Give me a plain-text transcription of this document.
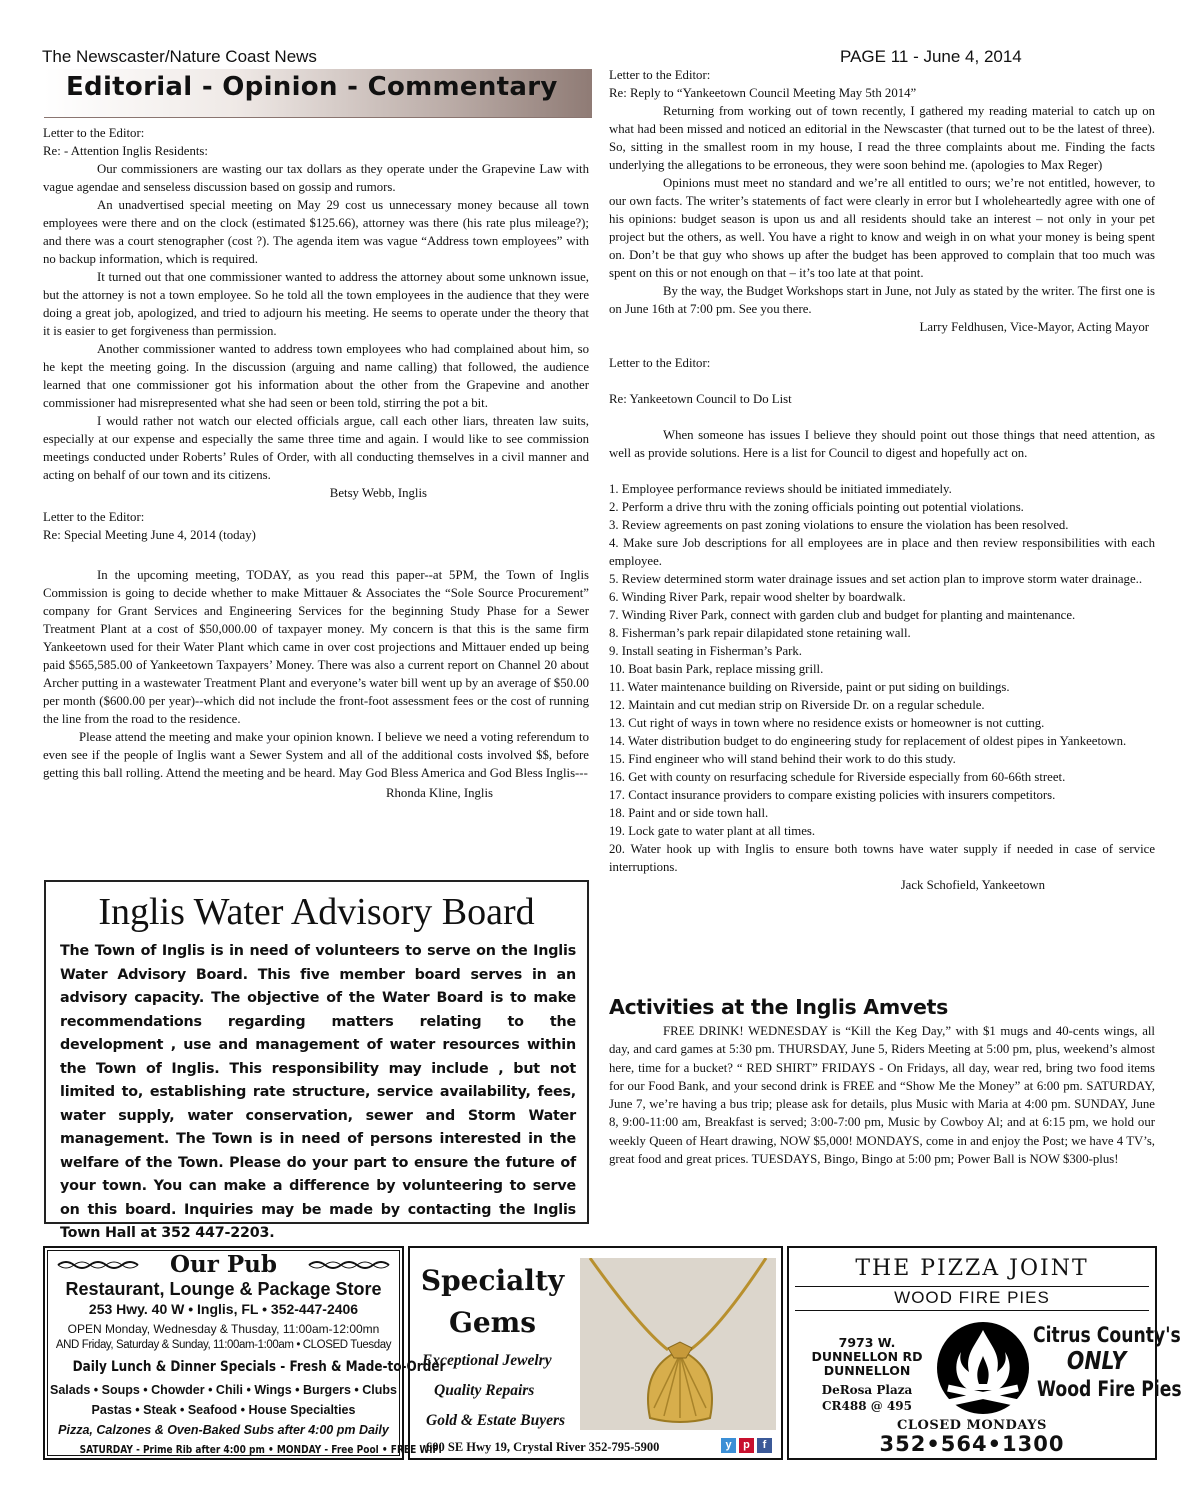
The Newscaster/Nature Coast News	PAGE 11 - June 4, 2014
Editorial - Opinion - Commentary

Letter to the Editor:

Re: - Attention Inglis Residents:

Our commissioners are wasting our tax dollars as they operate under the Grapevine Law with vague agendae and senseless discussion based on gossip and rumors.

An unadvertised special meeting on May 29 cost us unnecessary money because all town employees were there and on the clock (estimated $125.66), attorney was there (his rate plus mileage?); and there was a court stenographer (cost ?). The agenda item was vague “Address town employees” with no backup information, which is required.

It turned out that one commissioner wanted to address the attorney about some unknown issue, but the attorney is not a town employee. So he told all the town employees in the audience that they were doing a great job, apologized, and tried to adjourn his meeting. He seems to operate under the theory that it is easier to get forgiveness than permission.

Another commissioner wanted to address town employees who had complained about him, so he kept the meeting going. In the discussion (arguing and name calling) that followed, the audience learned that one commissioner got his information about the other from the Grapevine and another commissioner had misrepresented what she had seen or been told, stirring the pot a bit.

I would rather not watch our elected officials argue, call each other liars, threaten law suits, especially at our expense and especially the same three time and again. I would like to see commission meetings conducted under Roberts’ Rules of Order, with all conducting themselves in a civil manner and acting on behalf of our town and its citizens.

Betsy Webb, Inglis

Letter to the Editor:

Re: Special Meeting June 4, 2014 (today)

In the upcoming meeting, TODAY, as you read this paper--at 5PM, the Town of Inglis Commission is going to decide whether to make Mittauer & Associates the “Sole Source Procurement” company for Grant Services and Engineering Services for the beginning Study Phase for a Sewer Treatment Plant at a cost of $50,000.00 of taxpayer money. My concern is that this is the same firm Yankeetown used for their Water Plant which came in over cost projections and Mittauer ended up being paid $565,585.00 of Yankeetown Taxpayers’ Money. There was also a current report on Channel 20 about Archer putting in a wastewater Treatment Plant and everyone’s water bill went up by an average of $50.00 per month ($600.00 per year)--which did not include the front-foot assessment fees or the cost of running the line from the road to the residence.

Please attend the meeting and make your opinion known. I believe we need a voting referendum to even see if the people of Inglis want a Sewer System and all of the additional costs involved $$, before getting this ball rolling. Attend the meeting and be heard. May God Bless America and God Bless Inglis---

Rhonda Kline, Inglis

Inglis Water Advisory Board
The Town of Inglis is in need of volunteers to serve on the Inglis Water Advisory Board. This five member board serves in an advisory capacity. The objective of the Water Board is to make recommendations regarding matters relating to the development , use and management of water resources within the Town of Inglis. This responsibility may include , but not limited to, establishing rate structure, service availability, fees, water supply, water conservation, sewer and Storm Water management. The Town is in need of persons interested in the welfare of the Town. Please do your part to ensure the future of your town. You can make a difference by volunteering to serve on this board. Inquiries may be made by contacting the Inglis Town Hall at 352 447-2203.

Letter to the Editor:

Re: Reply to “Yankeetown Council Meeting May 5th 2014”

Returning from working out of town recently, I gathered my reading material to catch up on what had been missed and noticed an editorial in the Newscaster (that turned out to be the latest of three). So, sitting in the smallest room in my house, I read the three complaints about me. Finding the facts underlying the allegations to be erroneous, they were soon behind me. (apologies to Max Reger)

Opinions must meet no standard and we’re all entitled to ours; we’re not entitled, however, to our own facts. The writer’s statements of fact were clearly in error but I wholeheartedly agree with one of his opinions: budget season is upon us and all residents should take an interest – not only in your pet project but the others, as well. You have a right to know and weigh in on what your money is being spent on. Don’t be that guy who shows up after the budget has been approved to complain that too much was spent on this or not enough on that – it’s too late at that point.

By the way, the Budget Workshops start in June, not July as stated by the writer. The first one is on June 16th at 7:00 pm. See you there.

Larry Feldhusen, Vice-Mayor, Acting Mayor

Letter to the Editor:

Re: Yankeetown Council to Do List

When someone has issues I believe they should point out those things that need attention, as well as provide solutions. Here is a list for Council to digest and hopefully act on.

1. Employee performance reviews should be initiated immediately.
2. Perform a drive thru with the zoning officials pointing out potential violations.
3. Review agreements on past zoning violations to ensure the violation has been resolved.
4. Make sure Job descriptions for all employees are in place and then review responsibilities with each employee.
5. Review determined storm water drainage issues and set action plan to improve storm water drainage..
6. Winding River Park, repair wood shelter by boardwalk.
7. Winding River Park, connect with garden club and budget for planting and maintenance.
8. Fisherman’s park repair dilapidated stone retaining wall.
9. Install seating in Fisherman’s Park.
10. Boat basin Park, replace missing grill.
11. Water maintenance building on Riverside, paint or put siding on buildings.
12. Maintain and cut median strip on Riverside Dr. on a regular schedule.
13. Cut right of ways in town where no residence exists or homeowner is not cutting.
14. Water distribution budget to do engineering study for replacement of oldest pipes in Yankeetown.
15. Find engineer who will stand behind their work to do this study.
16. Get with county on resurfacing schedule for Riverside especially from 60-66th street.
17. Contact insurance providers to compare existing policies with insurers competitors.
18. Paint and or side town hall.
19. Lock gate to water plant at all times.
20. Water hook up with Inglis to ensure both towns have water supply if needed in case of service interruptions.

Jack Schofield, Yankeetown

Activities at the Inglis Amvets

FREE DRINK! WEDNESDAY is “Kill the Keg Day,” with $1 mugs and 40-cents wings, all day, and card games at 5:30 pm. THURSDAY, June 5, Riders Meeting at 5:00 pm, plus, weekend’s almost here, time for a bucket? “ RED SHIRT” FRIDAYS - On Fridays, all day, wear red, bring two food items for our Food Bank, and your second drink is FREE and “Show Me the Money” at 6:00 pm. SATURDAY, June 7, we’re having a bus trip; please ask for details, plus Music with Maria at 4:00 pm. SUNDAY, June 8, 9:00-11:00 am, Breakfast is served; 3:00-7:00 pm, Music by Cowboy Al; and at 6:15 pm, we hold our weekly Queen of Heart drawing, NOW $5,000! MONDAYS, come in and enjoy the Post; we have 4 TV’s, great food and great prices. TUESDAYS, Bingo, Bingo at 5:00 pm; Power Ball is NOW $300-plus!

Our Pub
Restaurant, Lounge & Package Store
253 Hwy. 40 W • Inglis, FL • 352-447-2406
OPEN Monday, Wednesday & Thusday, 11:00am-12:00mn
AND Friday, Saturday & Sunday, 11:00am-1:00am • CLOSED Tuesday
Daily Lunch & Dinner Specials - Fresh & Made-to-Order
Salads • Soups • Chowder • Chili • Wings • Burgers • Clubs
Pastas • Steak • Seafood • House Specialties
Pizza, Calzones & Oven-Baked Subs after 4:00 pm Daily
SATURDAY - Prime Rib after 4:00 pm • MONDAY - Free Pool • FREE WiFi
Specialty
Gems
Exceptional Jewelry
Quality Repairs
Gold & Estate Buyers
600 SE Hwy 19, Crystal River 352-795-5900	y	p	f
THE PIZZA JOINT
WOOD FIRE PIES
7973 W.
DUNNELLON RD
DUNNELLON
DeRosa Plaza
CR488 @ 495
Citrus County's
ONLY
Wood Fire Pies
CLOSED MONDAYS
352•564•1300
